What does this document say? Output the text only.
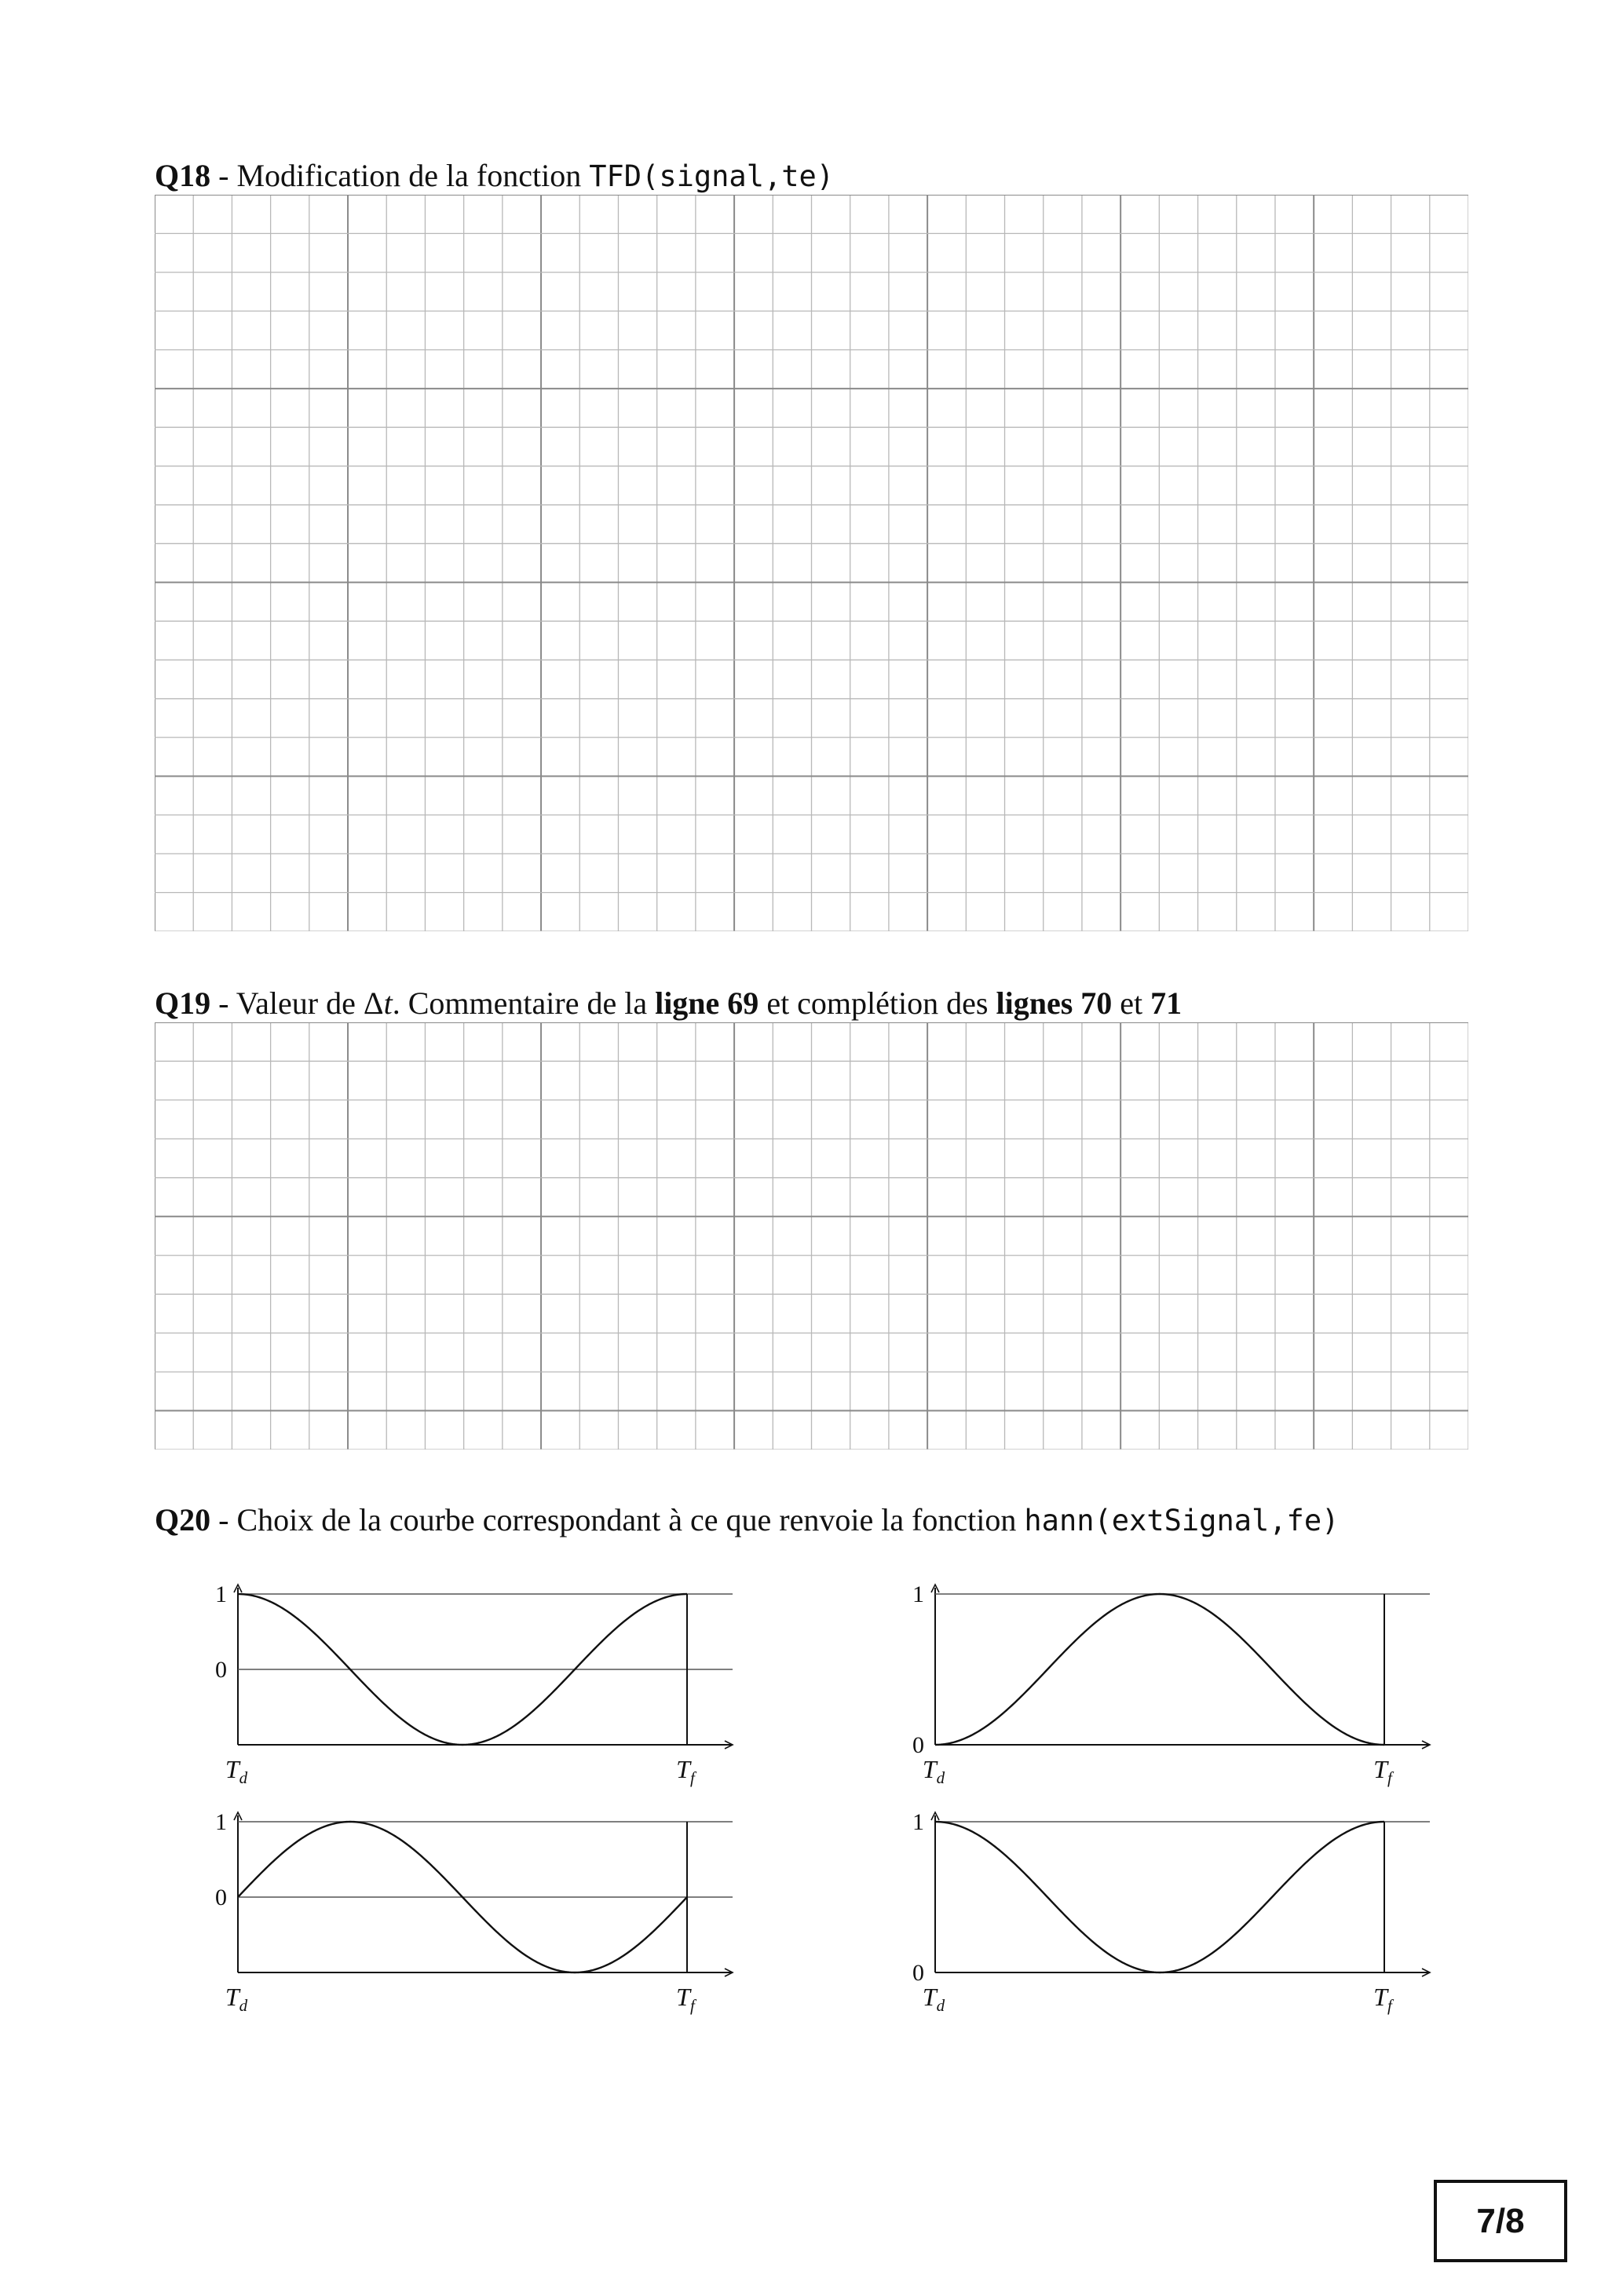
Q18 - Modification de la fonction TFD(signal,te)
Q19 - Valeur de Δt. Commentaire de la ligne 69 et complétion des lignes 70 et 71
Q20 - Choix de la courbe correspondant à ce que renvoie la fonction hann(extSignal,fe)
1
0
$T_d$	$T_f$
1
0
$T_d$	$T_f$
1
0
$T_d$	$T_f$
1
0
$T_d$	$T_f$
7/8
